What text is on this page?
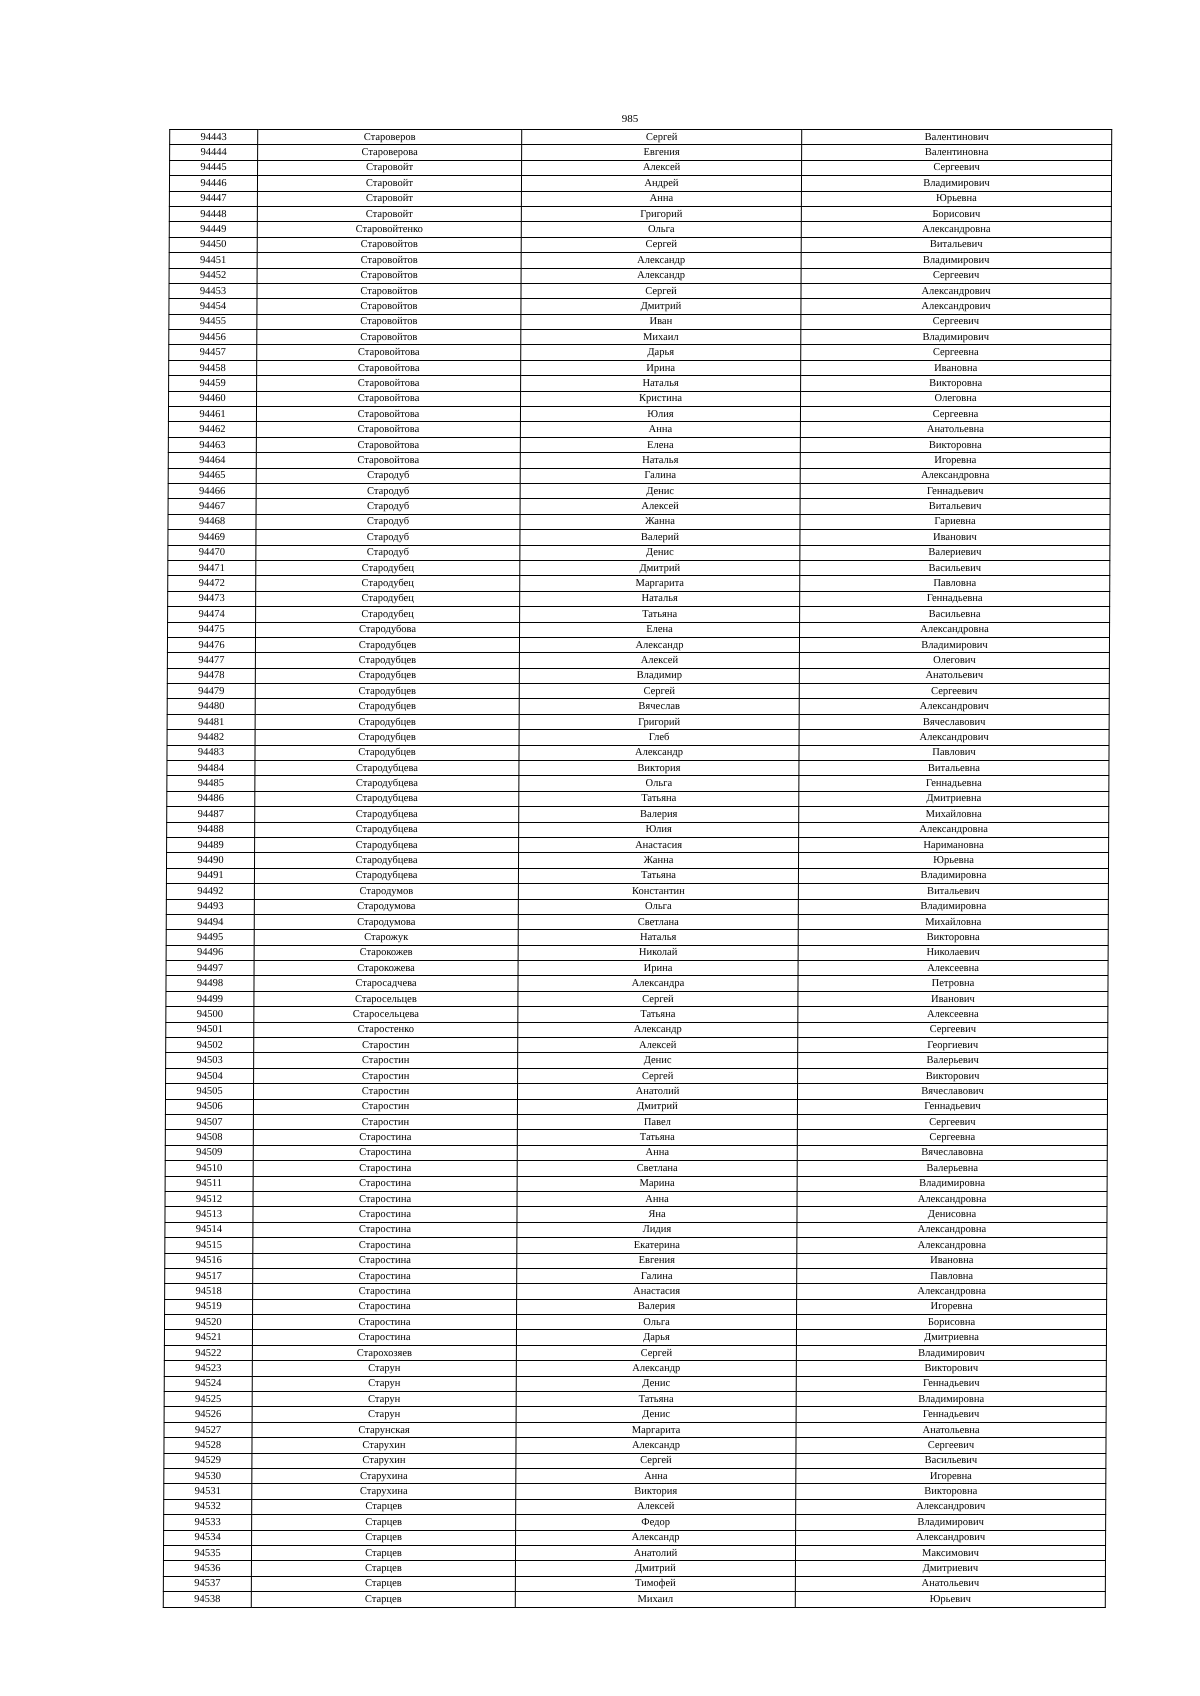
985
94443	Староверов	Сергей	Валентинович
94444	Староверова	Евгения	Валентиновна
94445	Старовойт	Алексей	Сергеевич
94446	Старовойт	Андрей	Владимирович
94447	Старовойт	Анна	Юрьевна
94448	Старовойт	Григорий	Борисович
94449	Старовойтенко	Ольга	Александровна
94450	Старовойтов	Сергей	Витальевич
94451	Старовойтов	Александр	Владимирович
94452	Старовойтов	Александр	Сергеевич
94453	Старовойтов	Сергей	Александрович
94454	Старовойтов	Дмитрий	Александрович
94455	Старовойтов	Иван	Сергеевич
94456	Старовойтов	Михаил	Владимирович
94457	Старовойтова	Дарья	Сергеевна
94458	Старовойтова	Ирина	Ивановна
94459	Старовойтова	Наталья	Викторовна
94460	Старовойтова	Кристина	Олеговна
94461	Старовойтова	Юлия	Сергеевна
94462	Старовойтова	Анна	Анатольевна
94463	Старовойтова	Елена	Викторовна
94464	Старовойтова	Наталья	Игоревна
94465	Стародуб	Галина	Александровна
94466	Стародуб	Денис	Геннадьевич
94467	Стародуб	Алексей	Витальевич
94468	Стародуб	Жанна	Гариевна
94469	Стародуб	Валерий	Иванович
94470	Стародуб	Денис	Валериевич
94471	Стародубец	Дмитрий	Васильевич
94472	Стародубец	Маргарита	Павловна
94473	Стародубец	Наталья	Геннадьевна
94474	Стародубец	Татьяна	Васильевна
94475	Стародубова	Елена	Александровна
94476	Стародубцев	Александр	Владимирович
94477	Стародубцев	Алексей	Олегович
94478	Стародубцев	Владимир	Анатольевич
94479	Стародубцев	Сергей	Сергеевич
94480	Стародубцев	Вячеслав	Александрович
94481	Стародубцев	Григорий	Вячеславович
94482	Стародубцев	Глеб	Александрович
94483	Стародубцев	Александр	Павлович
94484	Стародубцева	Виктория	Витальевна
94485	Стародубцева	Ольга	Геннадьевна
94486	Стародубцева	Татьяна	Дмитриевна
94487	Стародубцева	Валерия	Михайловна
94488	Стародубцева	Юлия	Александровна
94489	Стародубцева	Анастасия	Наримановна
94490	Стародубцева	Жанна	Юрьевна
94491	Стародубцева	Татьяна	Владимировна
94492	Стародумов	Константин	Витальевич
94493	Стародумова	Ольга	Владимировна
94494	Стародумова	Светлана	Михайловна
94495	Старожук	Наталья	Викторовна
94496	Старокожев	Николай	Николаевич
94497	Старокожева	Ирина	Алексеевна
94498	Старосадчева	Александра	Петровна
94499	Старосельцев	Сергей	Иванович
94500	Старосельцева	Татьяна	Алексеевна
94501	Старостенко	Александр	Сергеевич
94502	Старостин	Алексей	Георгиевич
94503	Старостин	Денис	Валерьевич
94504	Старостин	Сергей	Викторович
94505	Старостин	Анатолий	Вячеславович
94506	Старостин	Дмитрий	Геннадьевич
94507	Старостин	Павел	Сергеевич
94508	Старостина	Татьяна	Сергеевна
94509	Старостина	Анна	Вячеславовна
94510	Старостина	Светлана	Валерьевна
94511	Старостина	Марина	Владимировна
94512	Старостина	Анна	Александровна
94513	Старостина	Яна	Денисовна
94514	Старостина	Лидия	Александровна
94515	Старостина	Екатерина	Александровна
94516	Старостина	Евгения	Ивановна
94517	Старостина	Галина	Павловна
94518	Старостина	Анастасия	Александровна
94519	Старостина	Валерия	Игоревна
94520	Старостина	Ольга	Борисовна
94521	Старостина	Дарья	Дмитриевна
94522	Старохозяев	Сергей	Владимирович
94523	Старун	Александр	Викторович
94524	Старун	Денис	Геннадьевич
94525	Старун	Татьяна	Владимировна
94526	Старун	Денис	Геннадьевич
94527	Старунская	Маргарита	Анатольевна
94528	Старухин	Александр	Сергеевич
94529	Старухин	Сергей	Васильевич
94530	Старухина	Анна	Игоревна
94531	Старухина	Виктория	Викторовна
94532	Старцев	Алексей	Александрович
94533	Старцев	Федор	Владимирович
94534	Старцев	Александр	Александрович
94535	Старцев	Анатолий	Максимович
94536	Старцев	Дмитрий	Дмитриевич
94537	Старцев	Тимофей	Анатольевич
94538	Старцев	Михаил	Юрьевич
